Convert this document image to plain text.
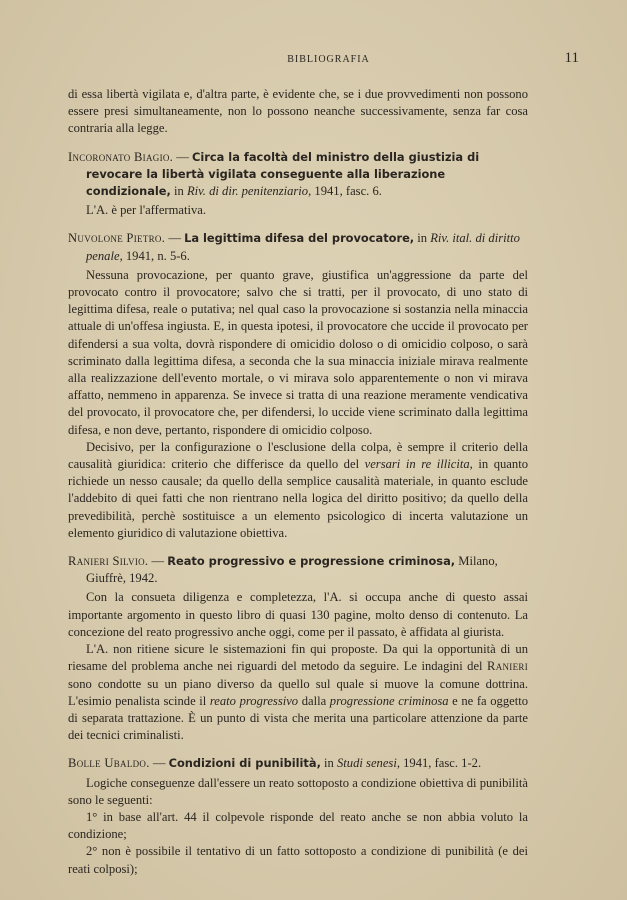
BIBLIOGRAFIA	11

di essa libertà vigilata e, d'altra parte, è evidente che, se i due provvedimenti non possono essere presi simultaneamente, non lo possono neanche successivamente, senza far cosa contraria alla legge.

Incoronato Biagio. — Circa la facoltà del ministro della giustizia di revocare la libertà vigilata conseguente alla liberazione condizionale, in Riv. di dir. penitenziario, 1941, fasc. 6.

L'A. è per l'affermativa.

Nuvolone Pietro. — La legittima difesa del provocatore, in Riv. ital. di diritto penale, 1941, n. 5-6.

Nessuna provocazione, per quanto grave, giustifica un'aggressione da parte del provocato contro il provocatore; salvo che si tratti, per il provocato, di uno stato di legittima difesa, reale o putativa; nel qual caso la provocazione si sostanzia nella minaccia attuale di un'offesa ingiusta. E, in questa ipotesi, il provocatore che uccide il provocato per difendersi a sua volta, dovrà rispondere di omicidio doloso o di omicidio colposo, o sarà scriminato dalla legittima difesa, a seconda che la sua minaccia iniziale mirava realmente alla realizzazione dell'evento mortale, o vi mirava solo apparentemente o non vi mirava affatto, nemmeno in apparenza. Se invece si tratta di una reazione meramente vendicativa del provocato, il provocatore che, per difendersi, lo uccide viene scriminato dalla legittima difesa, e non deve, pertanto, rispondere di omicidio colposo.

Decisivo, per la configurazione o l'esclusione della colpa, è sempre il criterio della causalità giuridica: criterio che differisce da quello del versari in re illicita, in quanto richiede un nesso causale; da quello della semplice causalità materiale, in quanto esclude l'addebito di quei fatti che non rientrano nella logica del diritto positivo; da quello della prevedibilità, perchè sostituisce a un elemento psicologico di incerta valutazione un elemento giuridico di valutazione obiettiva.

Ranieri Silvio. — Reato progressivo e progressione criminosa, Milano, Giuffrè, 1942.

Con la consueta diligenza e completezza, l'A. si occupa anche di questo assai importante argomento in questo libro di quasi 130 pagine, molto denso di contenuto. La concezione del reato progressivo anche oggi, come per il passato, è affidata al giurista.

L'A. non ritiene sicure le sistemazioni fin qui proposte. Da qui la opportunità di un riesame del problema anche nei riguardi del metodo da seguire. Le indagini del Ranieri sono condotte su un piano diverso da quello sul quale si muove la comune dottrina. L'esimio penalista scinde il reato progressivo dalla progressione criminosa e ne fa oggetto di separata trattazione. È un punto di vista che merita una particolare attenzione da parte dei tecnici criminalisti.

Bolle Ubaldo. — Condizioni di punibilità, in Studi senesi, 1941, fasc. 1-2.

Logiche conseguenze dall'essere un reato sottoposto a condizione obiettiva di punibilità sono le seguenti:

1° in base all'art. 44 il colpevole risponde del reato anche se non abbia voluto la condizione;

2° non è possibile il tentativo di un fatto sottoposto a condizione di punibilità (e dei reati colposi);
